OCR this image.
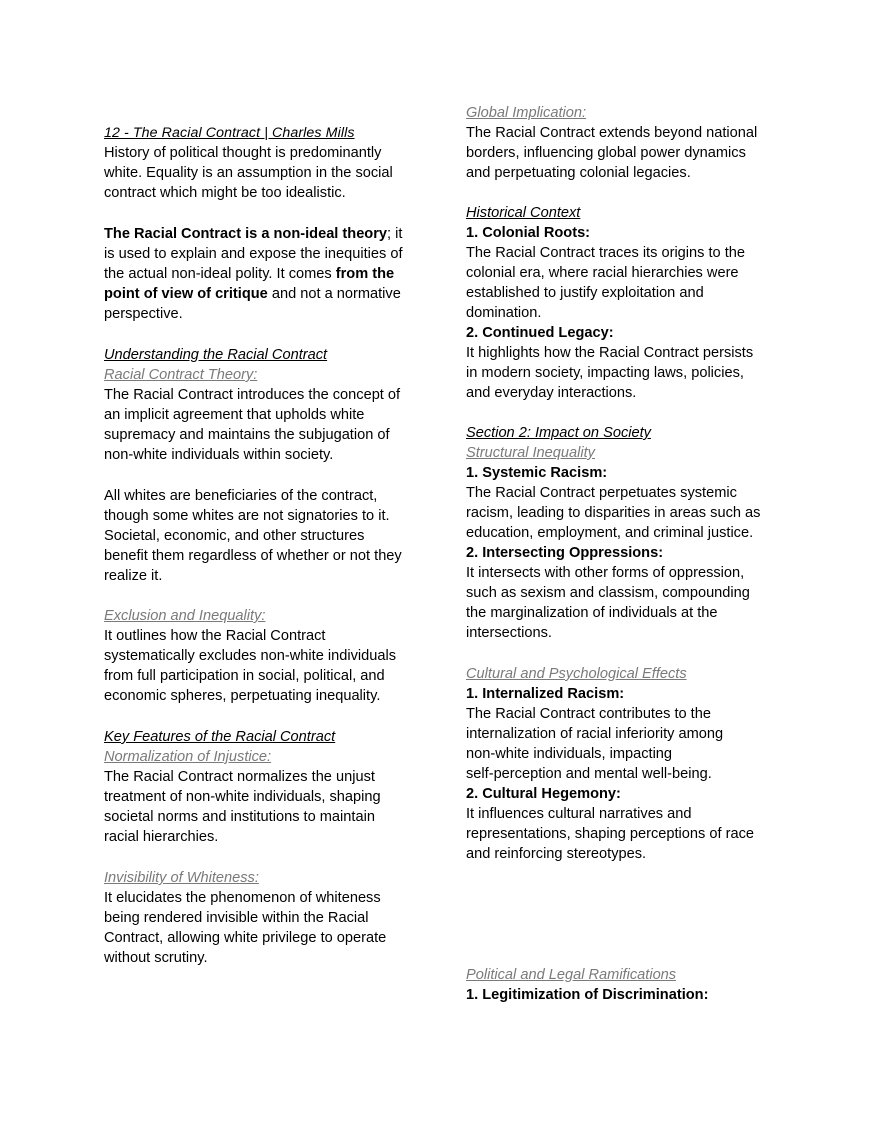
12 - The Racial Contract | Charles Mills
History of political thought is predominantly
white. Equality is an assumption in the social
contract which might be too idealistic.
The Racial Contract is a non-ideal theory; it
is used to explain and expose the inequities of
the actual non-ideal polity. It comes from the
point of view of critique and not a normative
perspective.
Understanding the Racial Contract
Racial Contract Theory:
The Racial Contract introduces the concept of
an implicit agreement that upholds white
supremacy and maintains the subjugation of
non-white individuals within society.
All whites are beneficiaries of the contract,
though some whites are not signatories to it.
Societal, economic, and other structures
benefit them regardless of whether or not they
realize it.
Exclusion and Inequality:
It outlines how the Racial Contract
systematically excludes non-white individuals
from full participation in social, political, and
economic spheres, perpetuating inequality.
Key Features of the Racial Contract
Normalization of Injustice:
The Racial Contract normalizes the unjust
treatment of non-white individuals, shaping
societal norms and institutions to maintain
racial hierarchies.
Invisibility of Whiteness:
It elucidates the phenomenon of whiteness
being rendered invisible within the Racial
Contract, allowing white privilege to operate
without scrutiny.
Global Implication:
The Racial Contract extends beyond national
borders, influencing global power dynamics
and perpetuating colonial legacies.
Historical Context
1. Colonial Roots:
The Racial Contract traces its origins to the
colonial era, where racial hierarchies were
established to justify exploitation and
domination.
2. Continued Legacy:
It highlights how the Racial Contract persists
in modern society, impacting laws, policies,
and everyday interactions.
Section 2: Impact on Society
Structural Inequality
1. Systemic Racism:
The Racial Contract perpetuates systemic
racism, leading to disparities in areas such as
education, employment, and criminal justice.
2. Intersecting Oppressions:
It intersects with other forms of oppression,
such as sexism and classism, compounding
the marginalization of individuals at the
intersections.
Cultural and Psychological Effects
1. Internalized Racism:
The Racial Contract contributes to the
internalization of racial inferiority among
non-white individuals, impacting
self-perception and mental well-being.
2. Cultural Hegemony:
It influences cultural narratives and
representations, shaping perceptions of race
and reinforcing stereotypes.
Political and Legal Ramifications
1. Legitimization of Discrimination:
